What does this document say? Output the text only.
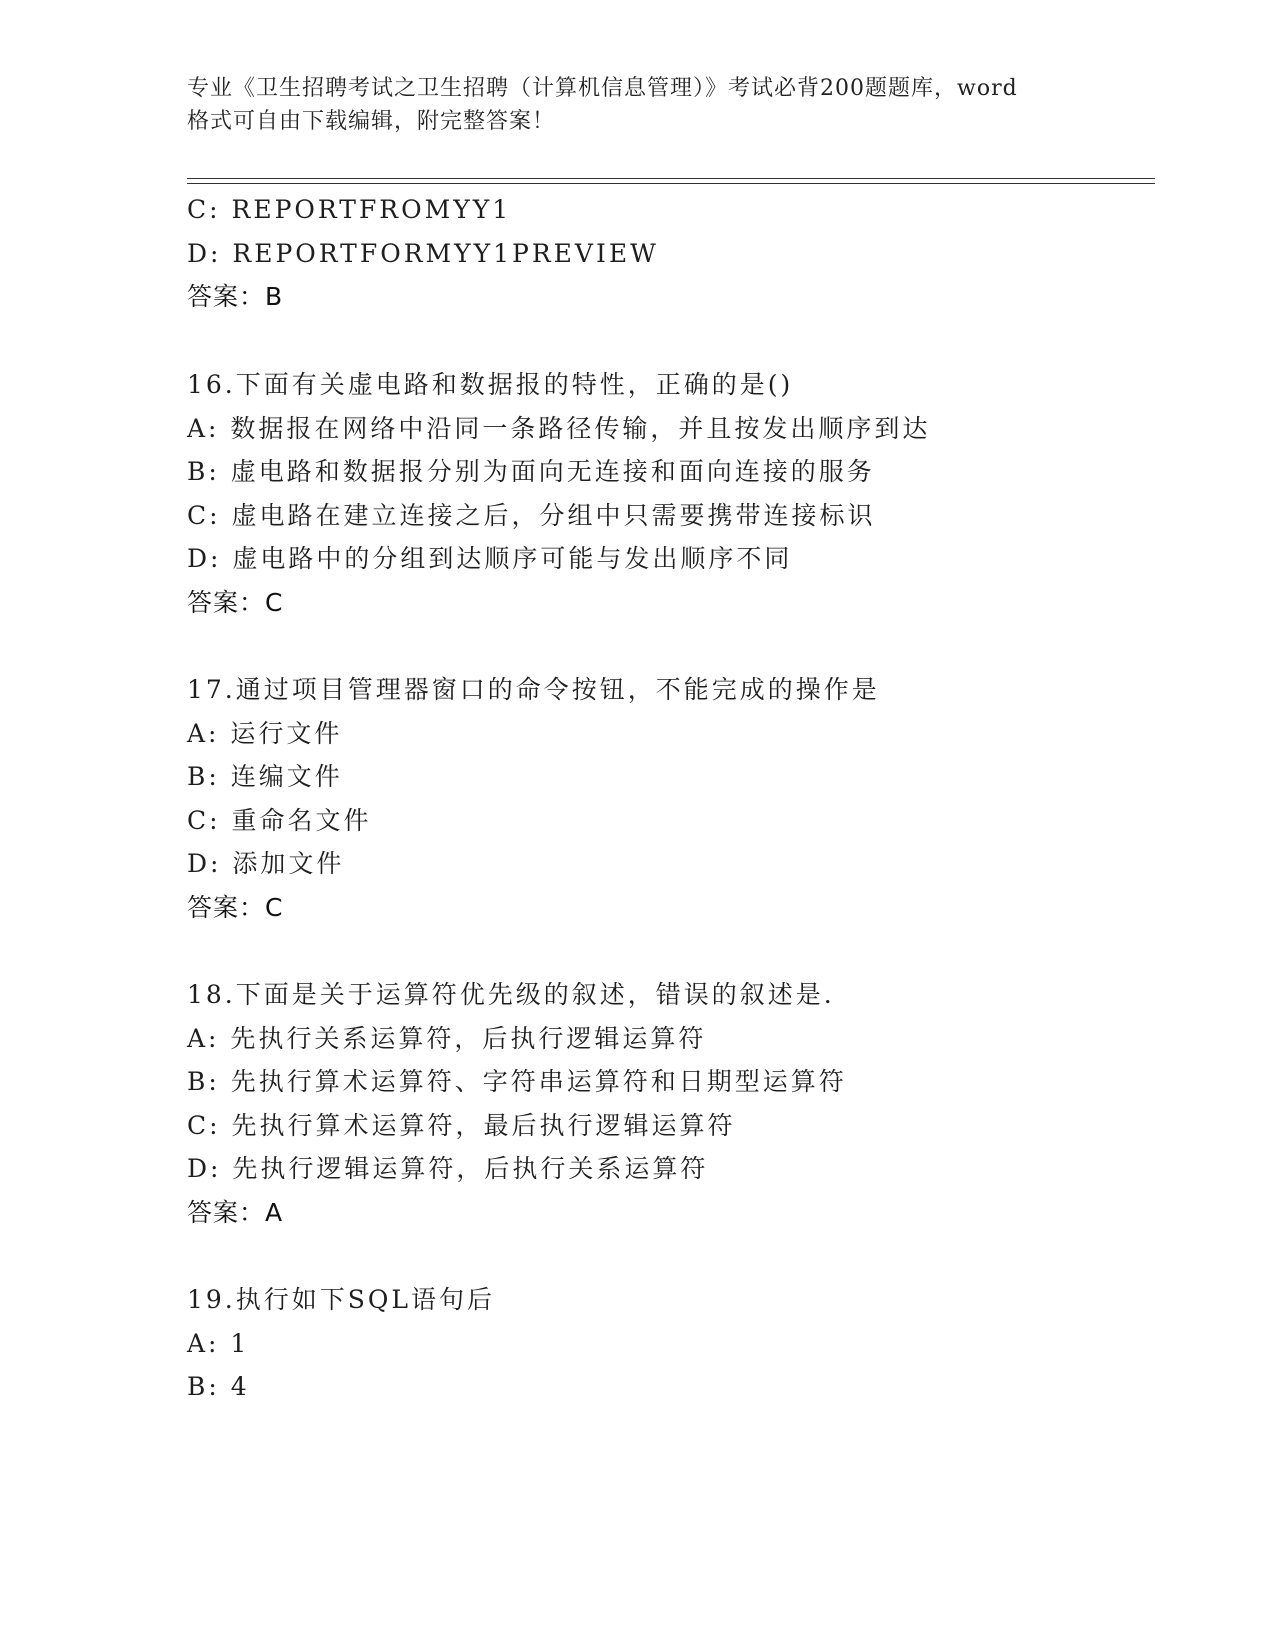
专业《卫生招聘考试之卫生招聘（计算机信息管理）》考试必背200题题库，word
格式可自由下载编辑，附完整答案！
C: REPORTFROMYY1
D: REPORTFORMYY1PREVIEW
答案：B
16.下面有关虚电路和数据报的特性，正确的是()
A: 数据报在网络中沿同一条路径传输，并且按发出顺序到达
B: 虚电路和数据报分别为面向无连接和面向连接的服务
C: 虚电路在建立连接之后，分组中只需要携带连接标识
D: 虚电路中的分组到达顺序可能与发出顺序不同
答案：C
17.通过项目管理器窗口的命令按钮，不能完成的操作是
A: 运行文件
B: 连编文件
C: 重命名文件
D: 添加文件
答案：C
18.下面是关于运算符优先级的叙述，错误的叙述是.
A: 先执行关系运算符，后执行逻辑运算符
B: 先执行算术运算符、字符串运算符和日期型运算符
C: 先执行算术运算符，最后执行逻辑运算符
D: 先执行逻辑运算符，后执行关系运算符
答案：A
19.执行如下SQL语句后
A: 1
B: 4
